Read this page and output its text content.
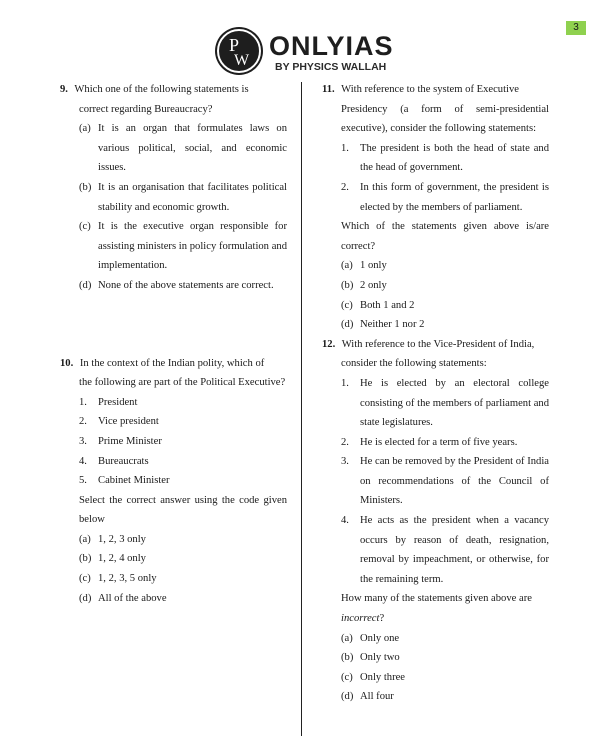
3
P
W ONLYIAS
BY PHYSICS WALLAH
9. Which one of the following statements is
correct regarding Bureaucracy?
(a) It is an organ that formulates laws on various political, social, and economic issues.
(b) It is an organisation that facilitates political stability and economic growth.
(c) It is the executive organ responsible for assisting ministers in policy formulation and implementation.
(d) None of the above statements are correct.
10. In the context of the Indian polity, which of
the following are part of the Political Executive?
1.	President
2.	Vice president
3.	Prime Minister
4.	Bureaucrats
5.	Cabinet Minister
Select the correct answer using the code given below
(a) 1, 2, 3 only
(b) 1, 2, 4 only
(c) 1, 2, 3, 5 only
(d) All of the above
11. With reference to the system of Executive
Presidency (a form of semi-presidential executive), consider the following statements:
1.	The president is both the head of state and the head of government.
2.	In this form of government, the president is elected by the members of parliament.
Which of the statements given above is/are correct?
(a) 1 only
(b) 2 only
(c) Both 1 and 2
(d) Neither 1 nor 2
12. With reference to the Vice-President of India,
consider the following statements:
1.	He is elected by an electoral college consisting of the members of parliament and state legislatures.
2.	He is elected for a term of five years.
3.	He can be removed by the President of India on recommendations of the Council of Ministers.
4.	He acts as the president when a vacancy occurs by reason of death, resignation, removal by impeachment, or otherwise, for the remaining term.
How many of the statements given above are
incorrect?
(a) Only one
(b) Only two
(c) Only three
(d) All four
